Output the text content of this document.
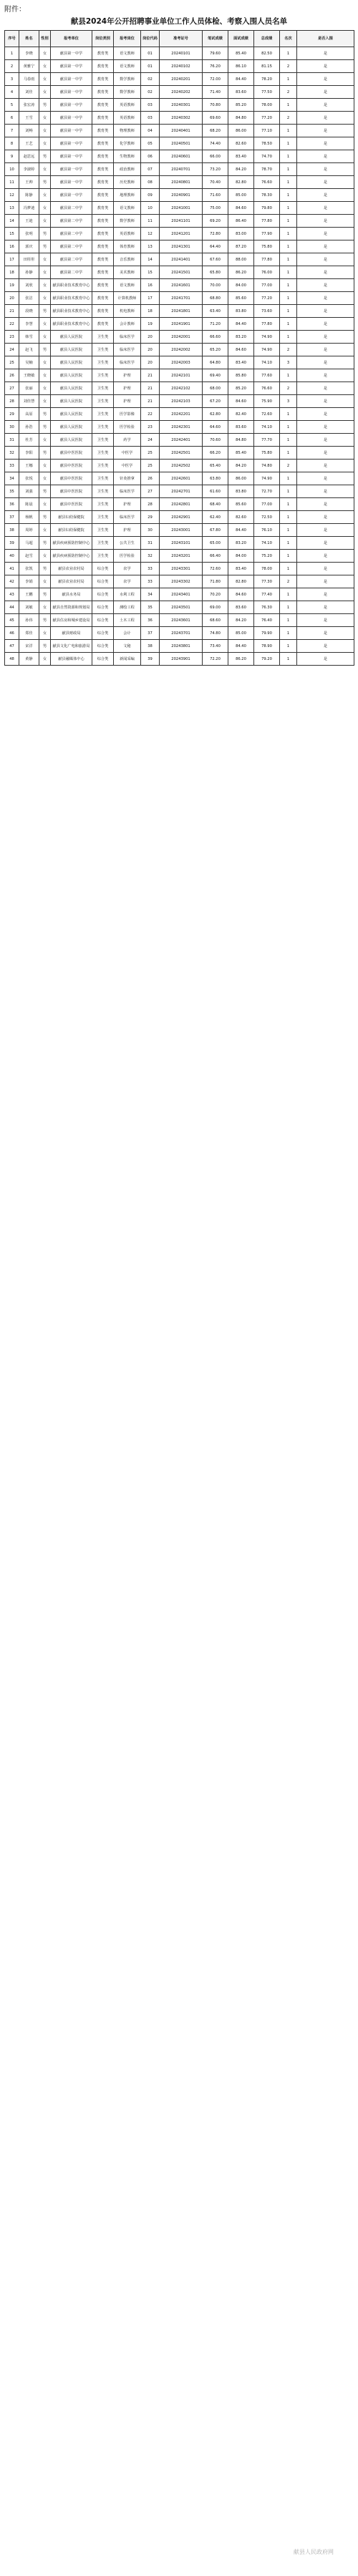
附件：
献县2024年公开招聘事业单位工作人员体检、考察入围人员名单
序号	姓名	性别	报考单位	岗位类别	报考岗位	岗位代码	准考证号	笔试成绩	面试成绩	总成绩	名次	是否入围
1	李晓	女	献县第一中学	教育类	语文教师	01	20240101	79.60	85.40	82.50	1	是
2	黄雅宁	女	献县第一中学	教育类	语文教师	01	20240102	76.20	86.10	81.15	2	是
3	马春雨	女	献县第一中学	教育类	数学教师	02	20240201	72.00	84.40	78.20	1	是
4	刘佳	女	献县第一中学	教育类	数学教师	02	20240202	71.40	83.60	77.50	2	是
5	张宏涛	男	献县第一中学	教育类	英语教师	03	20240301	70.80	85.20	78.00	1	是
6	王雪	女	献县第一中学	教育类	英语教师	03	20240302	69.60	84.80	77.20	2	是
7	刘畅	女	献县第一中学	教育类	物理教师	04	20240401	68.20	86.00	77.10	1	是
8	王艺	女	献县第一中学	教育类	化学教师	05	20240501	74.40	82.60	78.50	1	是
9	赵思远	男	献县第一中学	教育类	生物教师	06	20240601	66.00	83.40	74.70	1	是
10	李淑婷	女	献县第一中学	教育类	政治教师	07	20240701	73.20	84.20	78.70	1	是
11	王帅	男	献县第一中学	教育类	历史教师	08	20240801	70.40	82.80	76.60	1	是
12	陈静	女	献县第一中学	教育类	地理教师	09	20240901	71.60	85.00	78.30	1	是
13	冯梦迪	女	献县第二中学	教育类	语文教师	10	20241001	75.00	84.60	79.80	1	是
14	王迪	女	献县第二中学	教育类	数学教师	11	20241101	69.20	86.40	77.80	1	是
15	张明	男	献县第二中学	教育类	英语教师	12	20241201	72.80	83.00	77.90	1	是
16	郭庆	男	献县第二中学	教育类	体育教师	13	20241301	64.40	87.20	75.80	1	是
17	田彤彤	女	献县第二中学	教育类	音乐教师	14	20241401	67.60	88.00	77.80	1	是
18	孙静	女	献县第二中学	教育类	美术教师	15	20241501	65.80	86.20	76.00	1	是
19	刘欣	女	献县职业技术教育中心	教育类	语文教师	16	20241601	70.00	84.00	77.00	1	是
20	张洁	女	献县职业技术教育中心	教育类	计算机教师	17	20241701	68.80	85.60	77.20	1	是
21	段晓	男	献县职业技术教育中心	教育类	机电教师	18	20241801	63.40	83.80	73.60	1	是
22	李慧	女	献县职业技术教育中心	教育类	会计教师	19	20241901	71.20	84.40	77.80	1	是
23	韩雪	女	献县人民医院	卫生类	临床医学	20	20242001	66.60	83.20	74.90	1	是
24	赵飞	男	献县人民医院	卫生类	临床医学	20	20242002	65.20	84.60	74.90	2	是
25	吴楠	女	献县人民医院	卫生类	临床医学	20	20242003	64.80	83.40	74.10	3	是
26	王晓敏	女	献县人民医院	卫生类	护理	21	20242101	69.40	85.80	77.60	1	是
27	张丽	女	献县人民医院	卫生类	护理	21	20242102	68.00	85.20	76.60	2	是
28	刘佳慧	女	献县人民医院	卫生类	护理	21	20242103	67.20	84.60	75.90	3	是
29	高原	男	献县人民医院	卫生类	医学影像	22	20242201	62.80	82.40	72.60	1	是
30	孙浩	男	献县人民医院	卫生类	医学检验	23	20242301	64.60	83.60	74.10	1	是
31	杜芳	女	献县人民医院	卫生类	药学	24	20242401	70.60	84.80	77.70	1	是
32	李阳	男	献县中医医院	卫生类	中医学	25	20242501	66.20	85.40	75.80	1	是
33	王娜	女	献县中医医院	卫生类	中医学	25	20242502	65.40	84.20	74.80	2	是
34	张悦	女	献县中医医院	卫生类	针灸推拿	26	20242601	63.80	86.00	74.90	1	是
35	刘强	男	献县中医医院	卫生类	临床医学	27	20242701	61.60	83.80	72.70	1	是
36	陈晨	女	献县中医医院	卫生类	护理	28	20242801	68.40	85.60	77.00	1	是
37	杨帆	男	献县妇幼保健院	卫生类	临床医学	29	20242901	62.40	82.60	72.50	1	是
38	周婷	女	献县妇幼保健院	卫生类	护理	30	20243001	67.80	84.40	76.10	1	是
39	马超	男	献县疾病预防控制中心	卫生类	公共卫生	31	20243101	65.00	83.20	74.10	1	是
40	赵雪	女	献县疾病预防控制中心	卫生类	医学检验	32	20243201	66.40	84.00	75.20	1	是
41	张凯	男	献县农业农村局	综合类	农学	33	20243301	72.60	83.40	78.00	1	是
42	李娟	女	献县农业农村局	综合类	农学	33	20243302	71.80	82.80	77.30	2	是
43	王鹏	男	献县水务局	综合类	水利工程	34	20243401	70.20	84.60	77.40	1	是
44	刘敏	女	献县自然资源和规划局	综合类	测绘工程	35	20243501	69.00	83.60	76.30	1	是
45	孙伟	男	献县住房和城乡建设局	综合类	土木工程	36	20243601	68.60	84.20	76.40	1	是
46	郑佳	女	献县财政局	综合类	会计	37	20243701	74.80	85.00	79.90	1	是
47	宋洋	男	献县文化广电和旅游局	综合类	文秘	38	20243801	73.40	84.40	78.90	1	是
48	黄静	女	献县融媒体中心	综合类	新闻采编	39	20243901	72.20	86.20	79.20	1	是
献县人民政府网
